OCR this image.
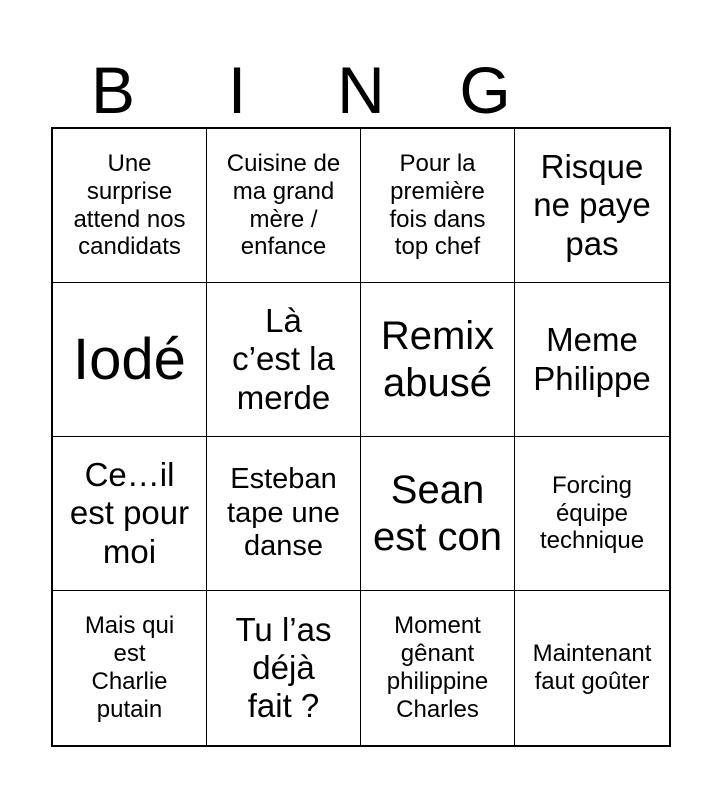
B	I	N	G
Une
surprise
attend nos
candidats
Cuisine de
ma grand
mère /
enfance
Pour la
première
fois dans
top chef
Risque
ne paye
pas
Iodé
Là
c’est la
merde
Remix
abusé
Meme
Philippe
Ce…il
est pour
moi
Esteban
tape une
danse
Sean
est con
Forcing
équipe
technique
Mais qui
est
Charlie
putain
Tu l’as
déjà
fait ?
Moment
gênant
philippine
Charles
Maintenant
faut goûter
